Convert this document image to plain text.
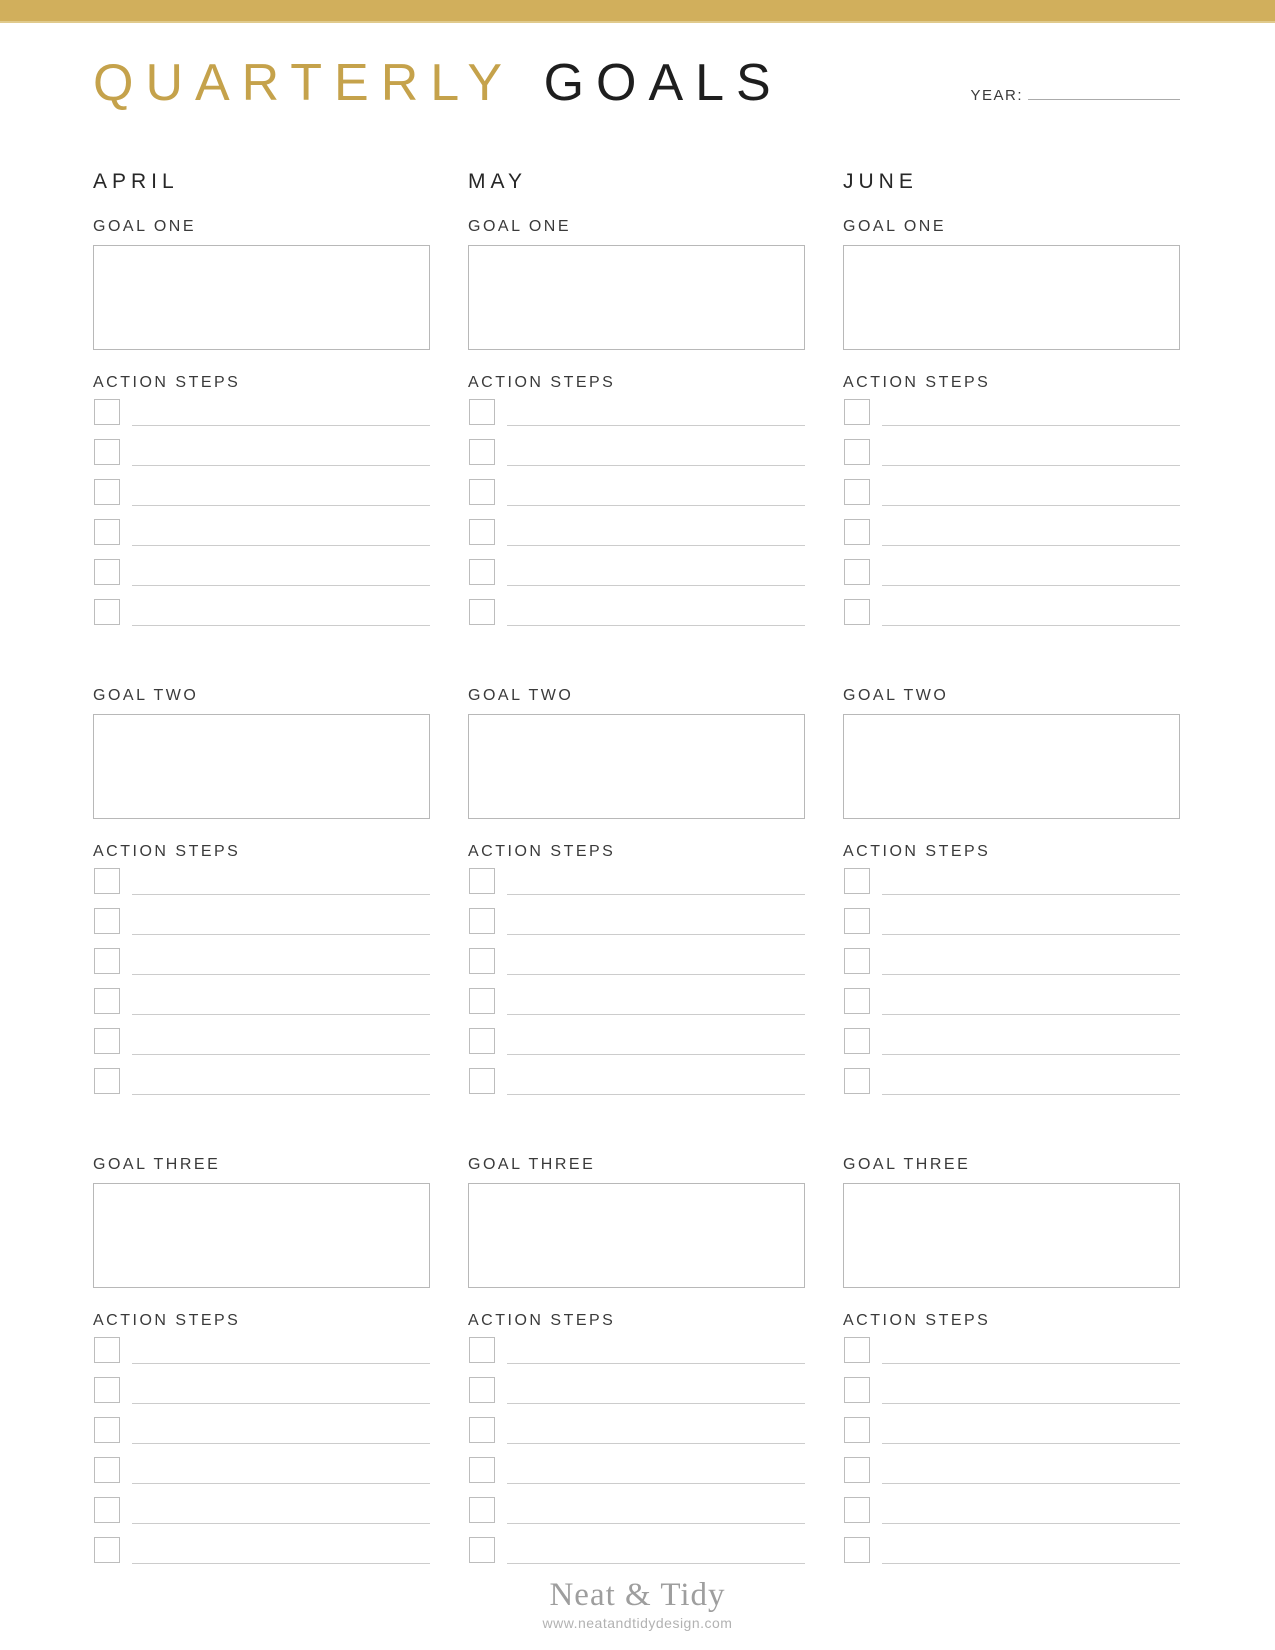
QUARTERLY GOALS	YEAR:
APRIL
GOAL ONE
ACTION STEPS
GOAL TWO
ACTION STEPS
GOAL THREE
ACTION STEPS
MAY
GOAL ONE
ACTION STEPS
GOAL TWO
ACTION STEPS
GOAL THREE
ACTION STEPS
JUNE
GOAL ONE
ACTION STEPS
GOAL TWO
ACTION STEPS
GOAL THREE
ACTION STEPS
Neat & Tidy
www.neatandtidydesign.com
